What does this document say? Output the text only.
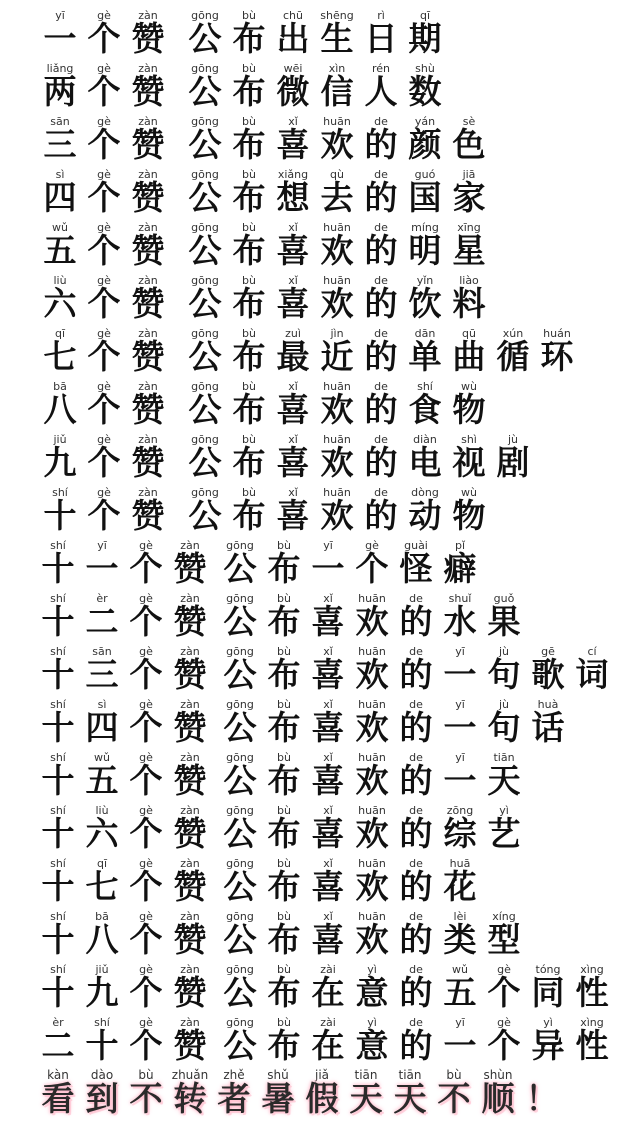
yī
一
gè
个
zàn
赞
gōng
公
bù
布
chū
出
shēng
生
rì
日
qī
期
liǎng
两
gè
个
zàn
赞
gōng
公
bù
布
wēi
微
xìn
信
rén
人
shù
数
sān
三
gè
个
zàn
赞
gōng
公
bù
布
xǐ
喜
huān
欢
de
的
yán
颜
sè
色
sì
四
gè
个
zàn
赞
gōng
公
bù
布
xiǎng
想
qù
去
de
的
guó
国
jiā
家
wǔ
五
gè
个
zàn
赞
gōng
公
bù
布
xǐ
喜
huān
欢
de
的
míng
明
xīng
星
liù
六
gè
个
zàn
赞
gōng
公
bù
布
xǐ
喜
huān
欢
de
的
yǐn
饮
liào
料
qī
七
gè
个
zàn
赞
gōng
公
bù
布
zuì
最
jìn
近
de
的
dān
单
qū
曲
xún
循
huán
环
bā
八
gè
个
zàn
赞
gōng
公
bù
布
xǐ
喜
huān
欢
de
的
shí
食
wù
物
jiǔ
九
gè
个
zàn
赞
gōng
公
bù
布
xǐ
喜
huān
欢
de
的
diàn
电
shì
视
jù
剧
shí
十
gè
个
zàn
赞
gōng
公
bù
布
xǐ
喜
huān
欢
de
的
dòng
动
wù
物
shí
十
yī
一
gè
个
zàn
赞
gōng
公
bù
布
yī
一
gè
个
guài
怪
pǐ
癖
shí
十
èr
二
gè
个
zàn
赞
gōng
公
bù
布
xǐ
喜
huān
欢
de
的
shuǐ
水
guǒ
果
shí
十
sān
三
gè
个
zàn
赞
gōng
公
bù
布
xǐ
喜
huān
欢
de
的
yī
一
jù
句
gē
歌
cí
词
shí
十
sì
四
gè
个
zàn
赞
gōng
公
bù
布
xǐ
喜
huān
欢
de
的
yī
一
jù
句
huà
话
shí
十
wǔ
五
gè
个
zàn
赞
gōng
公
bù
布
xǐ
喜
huān
欢
de
的
yī
一
tiān
天
shí
十
liù
六
gè
个
zàn
赞
gōng
公
bù
布
xǐ
喜
huān
欢
de
的
zōng
综
yì
艺
shí
十
qī
七
gè
个
zàn
赞
gōng
公
bù
布
xǐ
喜
huān
欢
de
的
huā
花
shí
十
bā
八
gè
个
zàn
赞
gōng
公
bù
布
xǐ
喜
huān
欢
de
的
lèi
类
xíng
型
shí
十
jiǔ
九
gè
个
zàn
赞
gōng
公
bù
布
zài
在
yì
意
de
的
wǔ
五
gè
个
tóng
同
xìng
性
èr
二
shí
十
gè
个
zàn
赞
gōng
公
bù
布
zài
在
yì
意
de
的
yī
一
gè
个
yì
异
xìng
性
kàn
看
dào
到
bù
不
zhuǎn
转
zhě
者
shǔ
暑
jiǎ
假
tiān
天
tiān
天
bù
不
shùn
顺 ！
